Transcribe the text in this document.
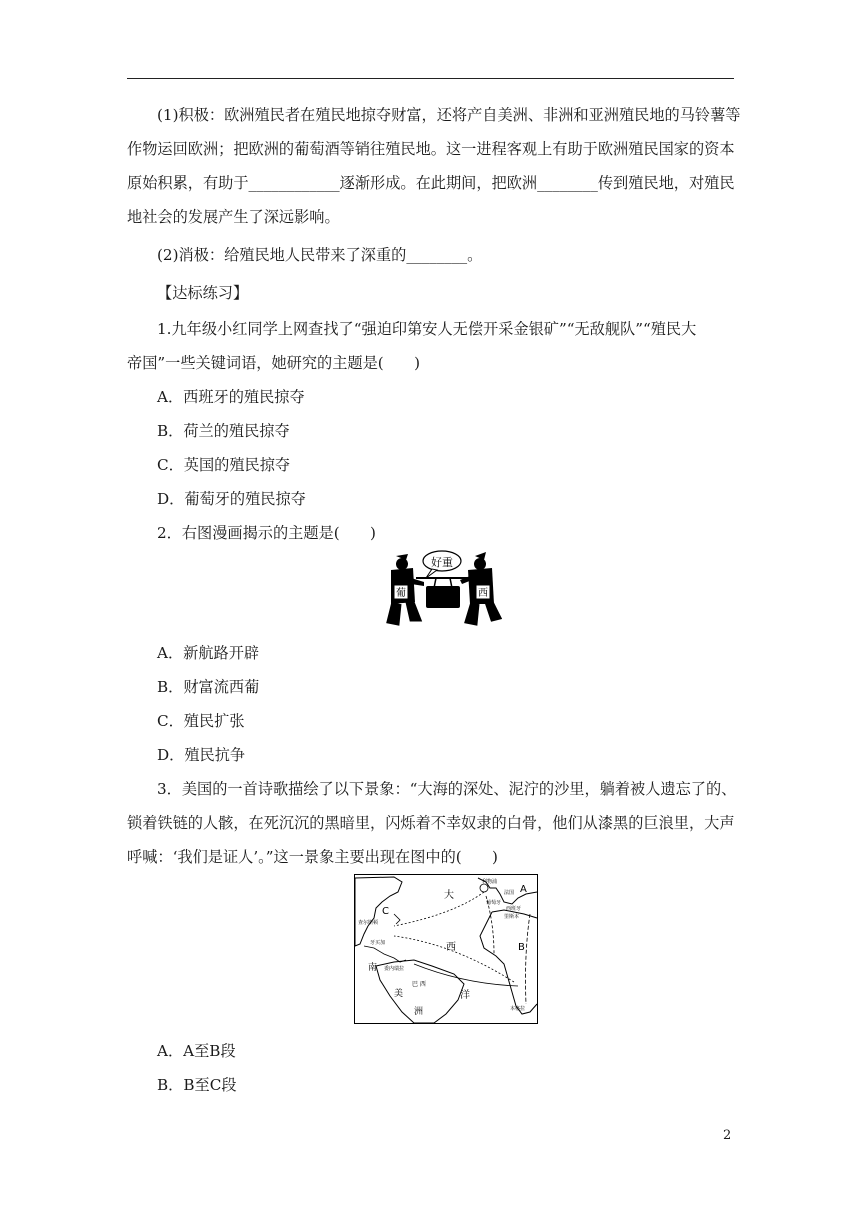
(1)积极：欧洲殖民者在殖民地掠夺财富，还将产自美洲、非洲和亚洲殖民地的马铃薯等
作物运回欧洲；把欧洲的葡萄酒等销往殖民地。这一进程客观上有助于欧洲殖民国家的资本
原始积累，有助于____________逐渐形成。在此期间，把欧洲________传到殖民地，对殖民
地社会的发展产生了深远影响。
(2)消极：给殖民地人民带来了深重的________。
【达标练习】
1.九年级小红同学上网查找了“强迫印第安人无偿开采金银矿”“无敌舰队”“殖民大
帝国”一些关键词语，她研究的主题是(　　)
A．西班牙的殖民掠夺
B．荷兰的殖民掠夺
C．英国的殖民掠夺
D．葡萄牙的殖民掠夺
2．右图漫画揭示的主题是(　　)
好重
葡	西
A．新航路开辟
B．财富流西葡
C．殖民扩张
D．殖民抗争
3．美国的一首诗歌描绘了以下景象：“大海的深处、泥泞的沙里，躺着被人遗忘了的、
锁着铁链的人骸，在死沉沉的黑暗里，闪烁着不幸奴隶的白骨，他们从漆黑的巨浪里，大声
呼喊：‘我们是证人’。”这一景象主要出现在图中的(　　)
C
大
A
B
西
洋
南
美
洲
巴 西
利物浦
法国
葡萄牙
西班牙
里斯本
查尔斯顿
牙买加
委内瑞拉
本格拉
A．A至B段
B．B至C段
2
